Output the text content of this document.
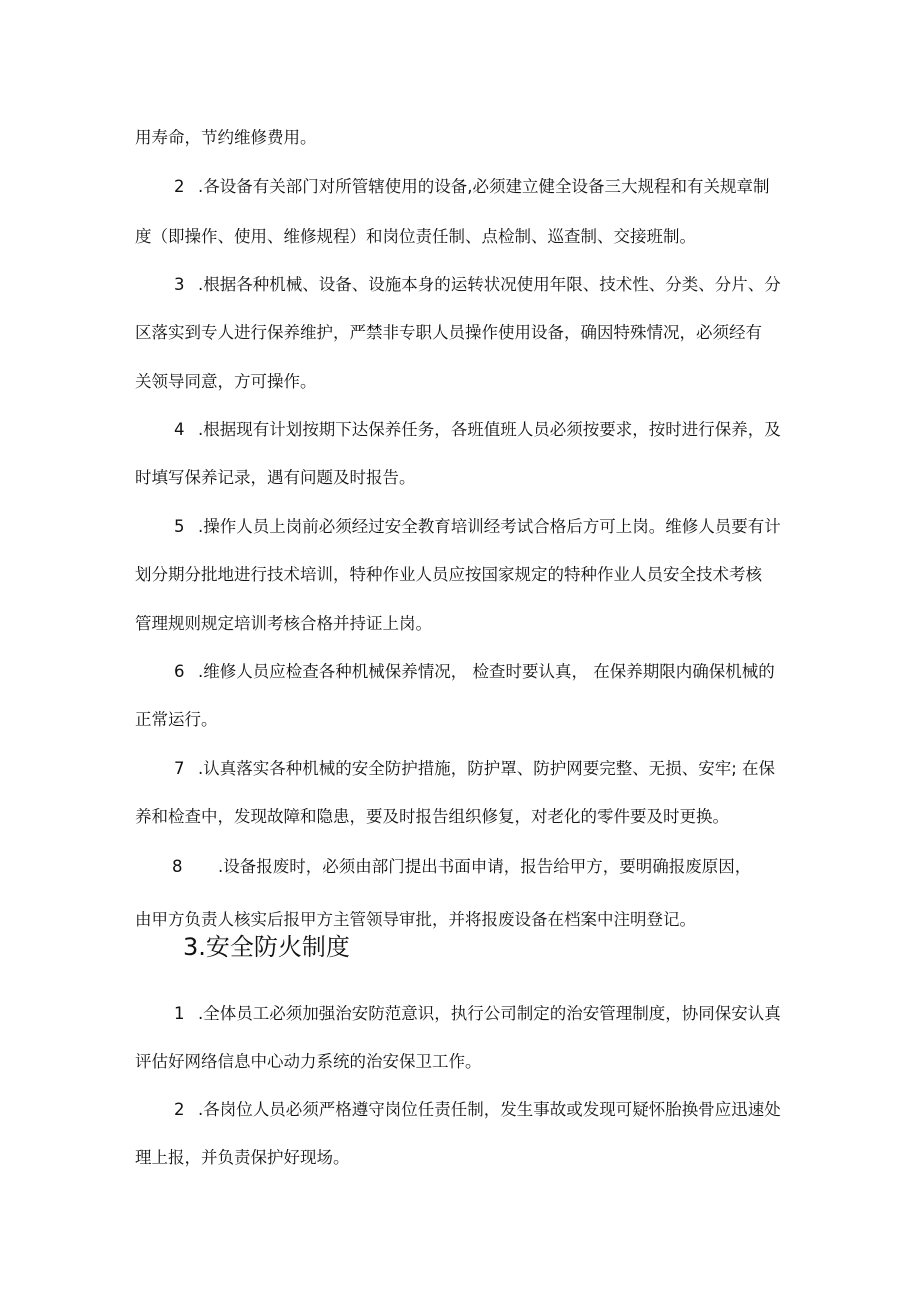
用寿命，节约维修费用。

2 .各设备有关部门对所管辖使用的设备,必须建立健全设备三大规程和有关规章制

度（即操作、使用、维修规程）和岗位责任制、点检制、巡查制、交接班制。

3 .根据各种机械、设备、设施本身的运转状况使用年限、技术性、分类、分片、分

区落实到专人进行保养维护，严禁非专职人员操作使用设备，确因特殊情况，必须经有

关领导同意，方可操作。

4 .根据现有计划按期下达保养任务，各班值班人员必须按要求，按时进行保养，及

时填写保养记录，遇有问题及时报告。

5 .操作人员上岗前必须经过安全教育培训经考试合格后方可上岗。维修人员要有计

划分期分批地进行技术培训，特种作业人员应按国家规定的特种作业人员安全技术考核

管理规则规定培训考核合格并持证上岗。

6 .维修人员应检查各种机械保养情况， 检查时要认真， 在保养期限内确保机械的

正常运行。

7 .认真落实各种机械的安全防护措施，防护罩、防护网要完整、无损、安牢; 在保

养和检查中，发现故障和隐患，要及时报告组织修复，对老化的零件要及时更换。

8 .设备报废时，必须由部门提出书面申请，报告给甲方，要明确报废原因，

由甲方负责人核实后报甲方主管领导审批，并将报废设备在档案中注明登记。

3.安全防火制度

1 .全体员工必须加强治安防范意识，执行公司制定的治安管理制度，协同保安认真

评估好网络信息中心动力系统的治安保卫工作。

2 .各岗位人员必须严格遵守岗位任责任制，发生事故或发现可疑怀胎换骨应迅速处

理上报，并负责保护好现场。
